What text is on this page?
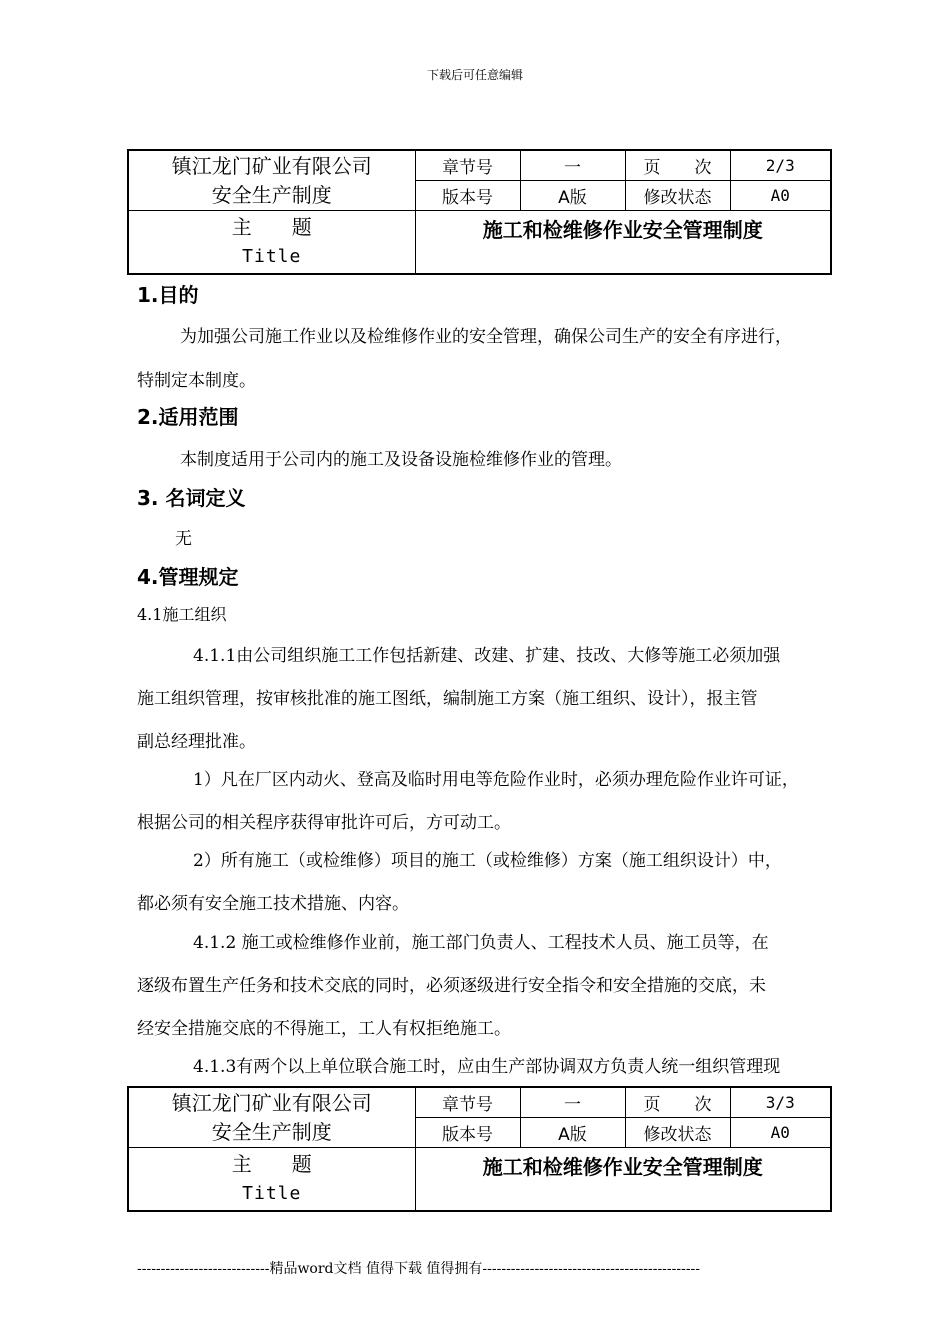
下载后可任意编辑
镇江龙门矿业有限公司
安全生产制度	章节号	一	页　　次	2/3
	版本号	A版	修改状态	A0

主　　题
Title	施工和检维修作业安全管理制度			
1.目的
为加强公司施工作业以及检维修作业的安全管理，确保公司生产的安全有序进行，
特制定本制度。
2.适用范围
本制度适用于公司内的施工及设备设施检维修作业的管理。
3. 名词定义
无
4.管理规定
4.1施工组织
4.1.1由公司组织施工工作包括新建、改建、扩建、技改、大修等施工必须加强
施工组织管理，按审核批准的施工图纸，编制施工方案（施工组织、设计），报主管
副总经理批准。
1）凡在厂区内动火、登高及临时用电等危险作业时，必须办理危险作业许可证，
根据公司的相关程序获得审批许可后，方可动工。
2）所有施工（或检维修）项目的施工（或检维修）方案（施工组织设计）中，
都必须有安全施工技术措施、内容。
4.1.2 施工或检维修作业前，施工部门负责人、工程技术人员、施工员等，在
逐级布置生产任务和技术交底的同时，必须逐级进行安全指令和安全措施的交底，未
经安全措施交底的不得施工，工人有权拒绝施工。
4.1.3有两个以上单位联合施工时，应由生产部协调双方负责人统一组织管理现
镇江龙门矿业有限公司
安全生产制度	章节号	一	页　　次	3/3
	版本号	A版	修改状态	A0

主　　题
Title	施工和检维修作业安全管理制度			
----------------------------精品word文档 值得下载 值得拥有----------------------------------------------
